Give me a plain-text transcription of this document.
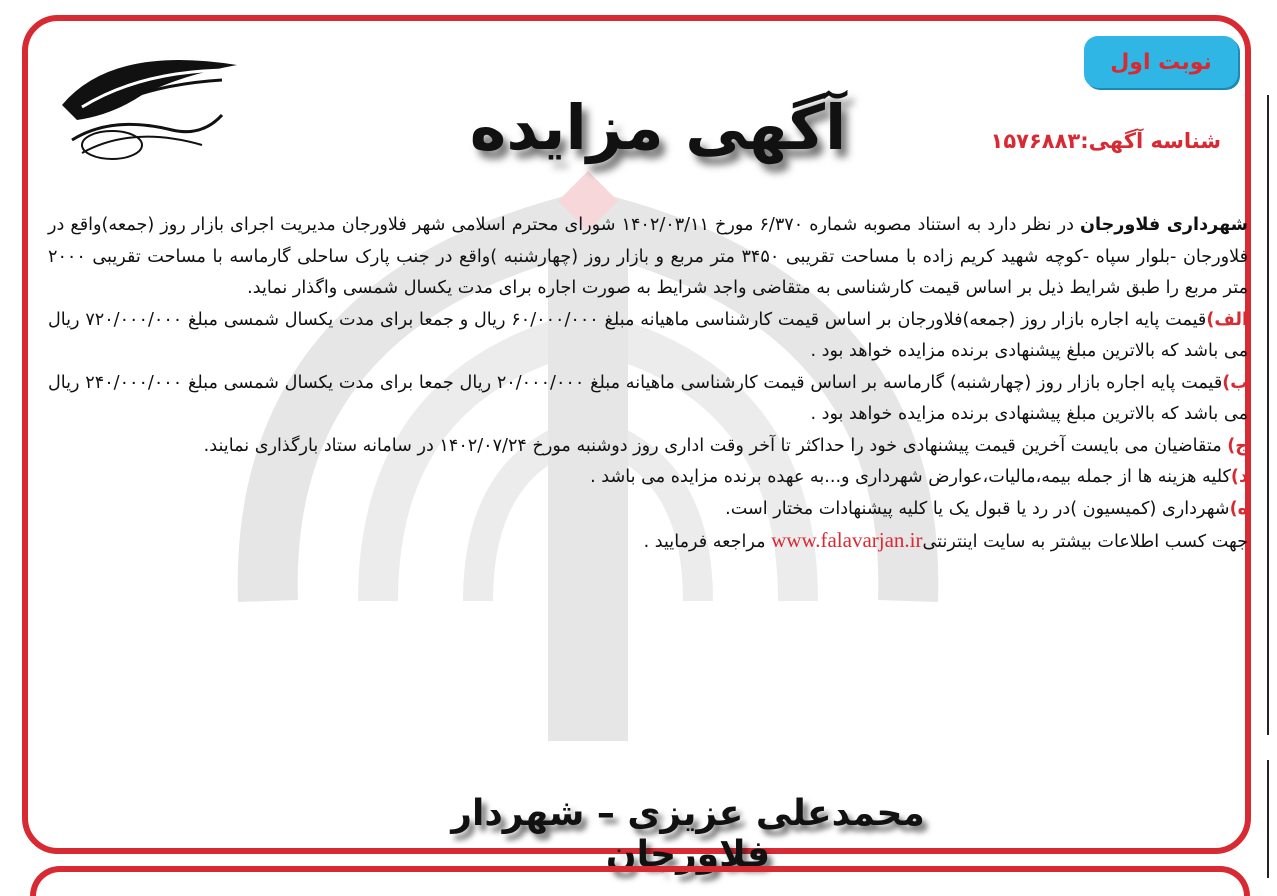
نوبت اول
شناسه آگهی:۱۵۷۶۸۸۳
آگهی مزایده

شهرداری فلاورجان در نظر دارد به استناد مصوبه شماره ۶/۳۷۰ مورخ ۱۴۰۲/۰۳/۱۱ شورای محترم اسلامی شهر فلاورجان مدیریت اجرای بازار روز (جمعه)واقع در فلاورجان -بلوار سپاه -کوچه شهید کریم زاده با مساحت تقریبی ۳۴۵۰ متر مربع و بازار روز (چهارشنبه )واقع در جنب پارک ساحلی گارماسه با مساحت تقریبی ۲۰۰۰ متر مربع را طبق شرایط ذیل بر اساس قیمت کارشناسی به متقاضی واجد شرایط به صورت اجاره برای مدت یکسال شمسی واگذار نماید.

الف)قیمت پایه اجاره بازار روز (جمعه)فلاورجان بر اساس قیمت کارشناسی ماهیانه مبلغ ۶۰/۰۰۰/۰۰۰ ریال و جمعا برای مدت یکسال شمسی مبلغ ۷۲۰/۰۰۰/۰۰۰ ریال می باشد که بالاترین مبلغ پیشنهادی برنده مزایده خواهد بود .

ب)قیمت پایه اجاره بازار روز (چهارشنبه) گارماسه بر اساس قیمت کارشناسی ماهیانه مبلغ ۲۰/۰۰۰/۰۰۰ ریال جمعا برای مدت یکسال شمسی مبلغ ۲۴۰/۰۰۰/۰۰۰ ریال می باشد که بالاترین مبلغ پیشنهادی برنده مزایده خواهد بود .

ج) متقاضیان می بایست آخرین قیمت پیشنهادی خود را حداکثر تا آخر وقت اداری روز دوشنبه مورخ ۱۴۰۲/۰۷/۲۴ در سامانه ستاد بارگذاری نمایند.

د)کلیه هزینه ها از جمله بیمه،مالیات،عوارض شهرداری و...به عهده برنده مزایده می باشد .

ه)شهرداری (کمیسیون )در رد یا قبول یک یا کلیه پیشنهادات مختار است.

جهت کسب اطلاعات بیشتر به سایت اینترنتیwww.falavarjan.ir مراجعه فرمایید .

محمدعلی عزیزی – شهردار فلاورجان
